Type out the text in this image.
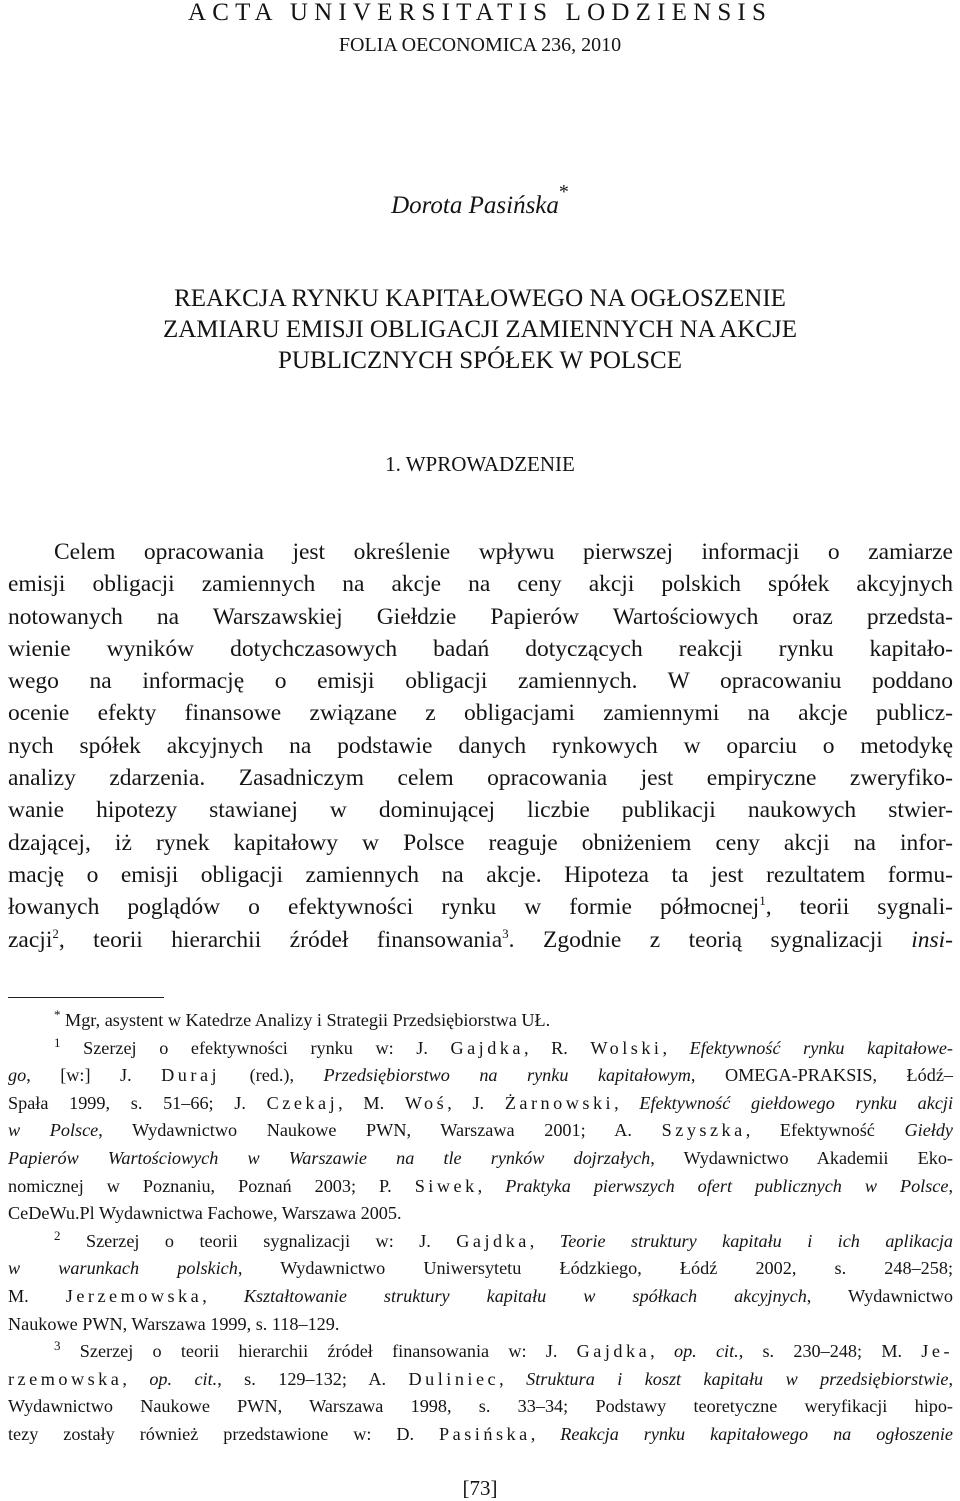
ACTA UNIVERSITATIS LODZIENSIS
FOLIA OECONOMICA 236, 2010
Dorota Pasińska*
REAKCJA RYNKU KAPITAŁOWEGO NA OGŁOSZENIE
ZAMIARU EMISJI OBLIGACJI ZAMIENNYCH NA AKCJE
PUBLICZNYCH SPÓŁEK W POLSCE
1. WPROWADZENIE
Celem opracowania jest określenie wpływu pierwszej informacji o zamiarze
emisji obligacji zamiennych na akcje na ceny akcji polskich spółek akcyjnych
notowanych na Warszawskiej Giełdzie Papierów Wartościowych oraz przedsta-
wienie wyników dotychczasowych badań dotyczących reakcji rynku kapitało-
wego na informację o emisji obligacji zamiennych. W opracowaniu poddano
ocenie efekty finansowe związane z obligacjami zamiennymi na akcje publicz-
nych spółek akcyjnych na podstawie danych rynkowych w oparciu o metodykę
analizy zdarzenia. Zasadniczym celem opracowania jest empiryczne zweryfiko-
wanie hipotezy stawianej w dominującej liczbie publikacji naukowych stwier-
dzającej, iż rynek kapitałowy w Polsce reaguje obniżeniem ceny akcji na infor-
mację o emisji obligacji zamiennych na akcje. Hipoteza ta jest rezultatem formu-
łowanych poglądów o efektywności rynku w formie półmocnej$^1$, teorii sygnali-
zacji$^2$, teorii hierarchii źródeł finansowania$^3$. Zgodnie z teorią sygnalizacji insi-
* Mgr, asystent w Katedrze Analizy i Strategii Przedsiębiorstwa UŁ.
$^1$ Szerzej o efektywności rynku w: J. Gajdka, R. Wolski, Efektywność rynku kapitałowe-
go, [w:] J. Duraj (red.), Przedsiębiorstwo na rynku kapitałowym, OMEGA-PRAKSIS, Łódź–
Spała 1999, s. 51–66; J. Czekaj, M. Woś, J. Żarnowski, Efektywność giełdowego rynku akcji
w Polsce, Wydawnictwo Naukowe PWN, Warszawa 2001; A. Szyszka, Efektywność Giełdy
Papierów Wartościowych w Warszawie na tle rynków dojrzałych, Wydawnictwo Akademii Eko-
nomicznej w Poznaniu, Poznań 2003; P. Siwek, Praktyka pierwszych ofert publicznych w Polsce,
CeDeWu.Pl Wydawnictwa Fachowe, Warszawa 2005.
$^2$ Szerzej o teorii sygnalizacji w: J. Gajdka, Teorie struktury kapitału i ich aplikacja
w warunkach polskich, Wydawnictwo Uniwersytetu Łódzkiego, Łódź 2002, s. 248–258;
M. Jerzemowska, Kształtowanie struktury kapitału w spółkach akcyjnych, Wydawnictwo
Naukowe PWN, Warszawa 1999, s. 118–129.
$^3$ Szerzej o teorii hierarchii źródeł finansowania w: J. Gajdka, op. cit., s. 230–248; M. Je-
rzemowska, op. cit., s. 129–132; A. Duliniec, Struktura i koszt kapitału w przedsiębiorstwie,
Wydawnictwo Naukowe PWN, Warszawa 1998, s. 33–34; Podstawy teoretyczne weryfikacji hipo-
tezy zostały również przedstawione w: D. Pasińska, Reakcja rynku kapitałowego na ogłoszenie
[73]
